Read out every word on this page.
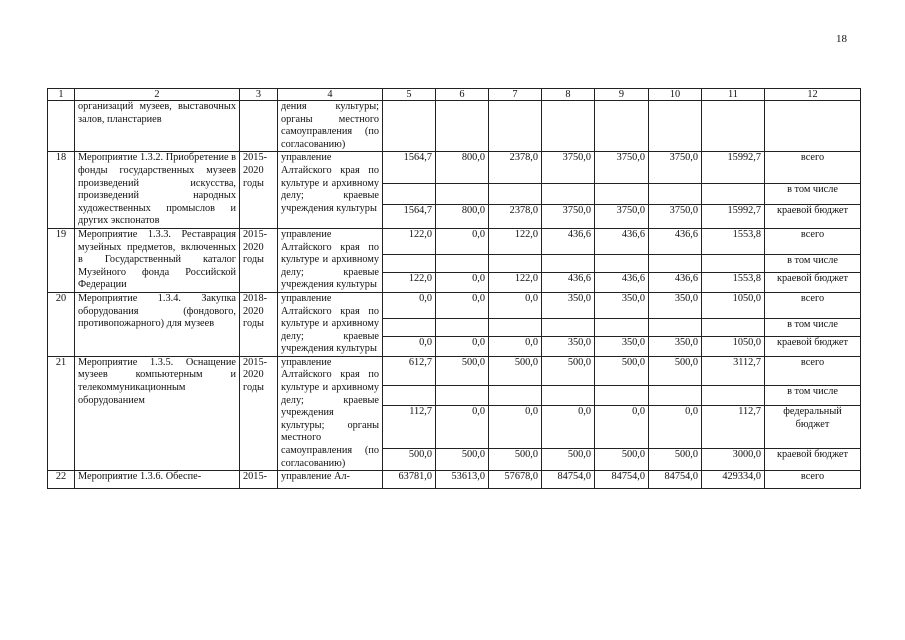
18
1	2	3	4	5	6	7	8	9	10	11	12
	организаций музеев, выставочных залов, планстариев		дения культуры; органы местного самоуправления (по согласованию)								
18	Мероприятие 1.3.2. Приобретение в фонды государственных музеев произведений искусства, произведений народных художественных промыслов и других экспонатов	2015-2020 годы	управление Алтайского края по культуре и архивному делу; краевые учреждения культуры	1564,7	800,0	2378,0	3750,0	3750,0	3750,0	15992,7	всего
											в том числе
				1564,7	800,0	2378,0	3750,0	3750,0	3750,0	15992,7	краевой бюджет
19	Мероприятие 1.3.3. Реставрация музейных предметов, включенных в Государственный каталог Музейного фонда Российской Федерации	2015-2020 годы	управление Алтайского края по культуре и архивному делу; краевые учреждения культуры	122,0	0,0	122,0	436,6	436,6	436,6	1553,8	всего
											в том числе
				122,0	0,0	122,0	436,6	436,6	436,6	1553,8	краевой бюджет
20	Мероприятие 1.3.4. Закупка оборудования (фондового, противопожарного) для музеев	2018-2020 годы	управление Алтайского края по культуре и архивному делу; краевые учреждения культуры	0,0	0,0	0,0	350,0	350,0	350,0	1050,0	всего
											в том числе
				0,0	0,0	0,0	350,0	350,0	350,0	1050,0	краевой бюджет
21	Мероприятие 1.3.5. Оснащение музеев компьютерным и телекоммуникационным оборудованием	2015-2020 годы	управление Алтайского края по культуре и архивному делу; краевые учреждения культуры; органы местного самоуправления (по согласованию)	612,7	500,0	500,0	500,0	500,0	500,0	3112,7	всего
											в том числе
				112,7	0,0	0,0	0,0	0,0	0,0	112,7	федеральный бюджет
				500,0	500,0	500,0	500,0	500,0	500,0	3000,0	краевой бюджет
22	Мероприятие 1.3.6. Обеспе-	2015-	управление Ал-	63781,0	53613,0	57678,0	84754,0	84754,0	84754,0	429334,0	всего
